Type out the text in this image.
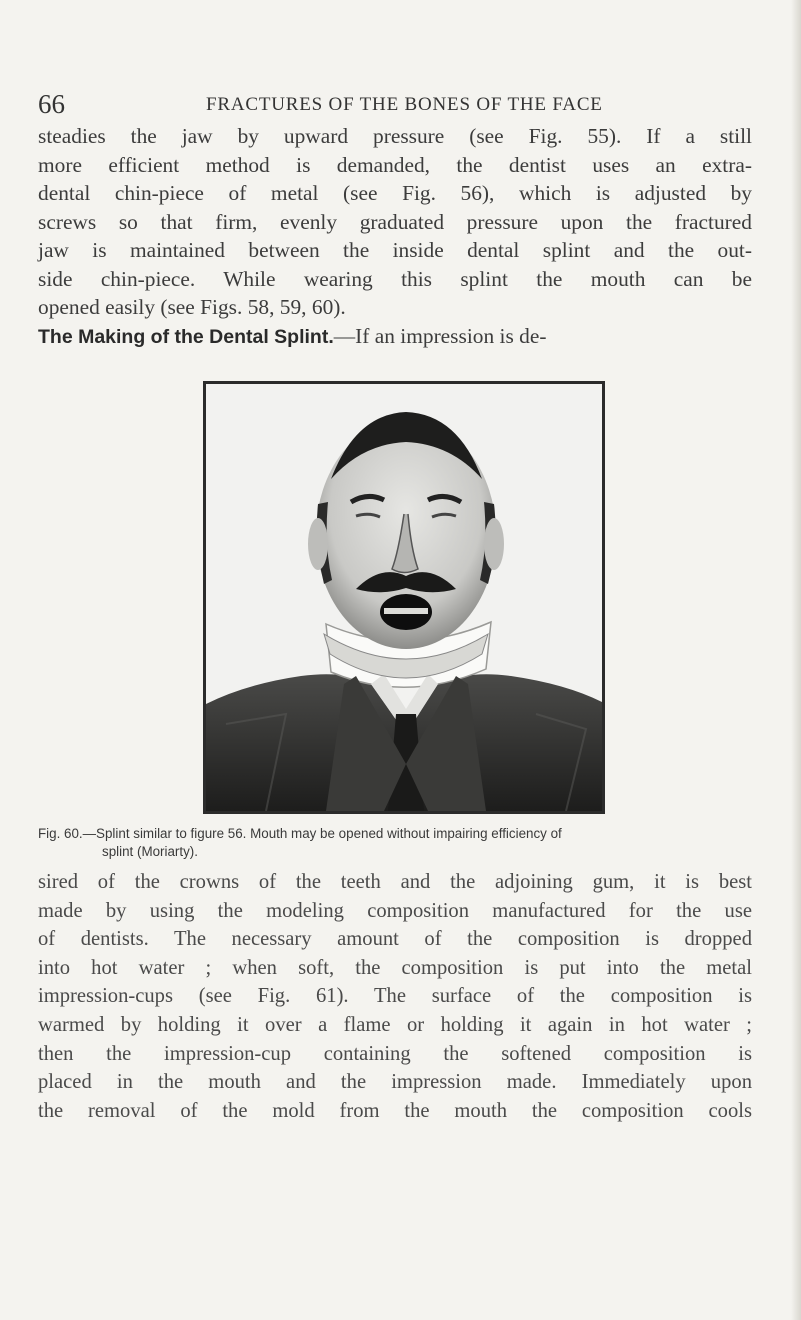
66	FRACTURES OF THE BONES OF THE FACE
steadies the jaw by upward pressure (see Fig. 55). If a still
more efficient method is demanded, the dentist uses an extra-
dental chin-piece of metal (see Fig. 56), which is adjusted by
screws so that firm, evenly graduated pressure upon the fractured
jaw is maintained between the inside dental splint and the out-
side chin-piece. While wearing this splint the mouth can be
opened easily (see Figs. 58, 59, 60).
The Making of the Dental Splint.—If an impression is de-
Fig. 60.—Splint similar to figure 56. Mouth may be opened without impairing efficiency of
splint (Moriarty).
sired of the crowns of the teeth and the adjoining gum, it is best
made by using the modeling composition manufactured for the use
of dentists. The necessary amount of the composition is dropped
into hot water ; when soft, the composition is put into the metal
impression-cups (see Fig. 61). The surface of the composition is
warmed by holding it over a flame or holding it again in hot water ;
then the impression-cup containing the softened composition is
placed in the mouth and the impression made. Immediately upon
the removal of the mold from the mouth the composition cools
